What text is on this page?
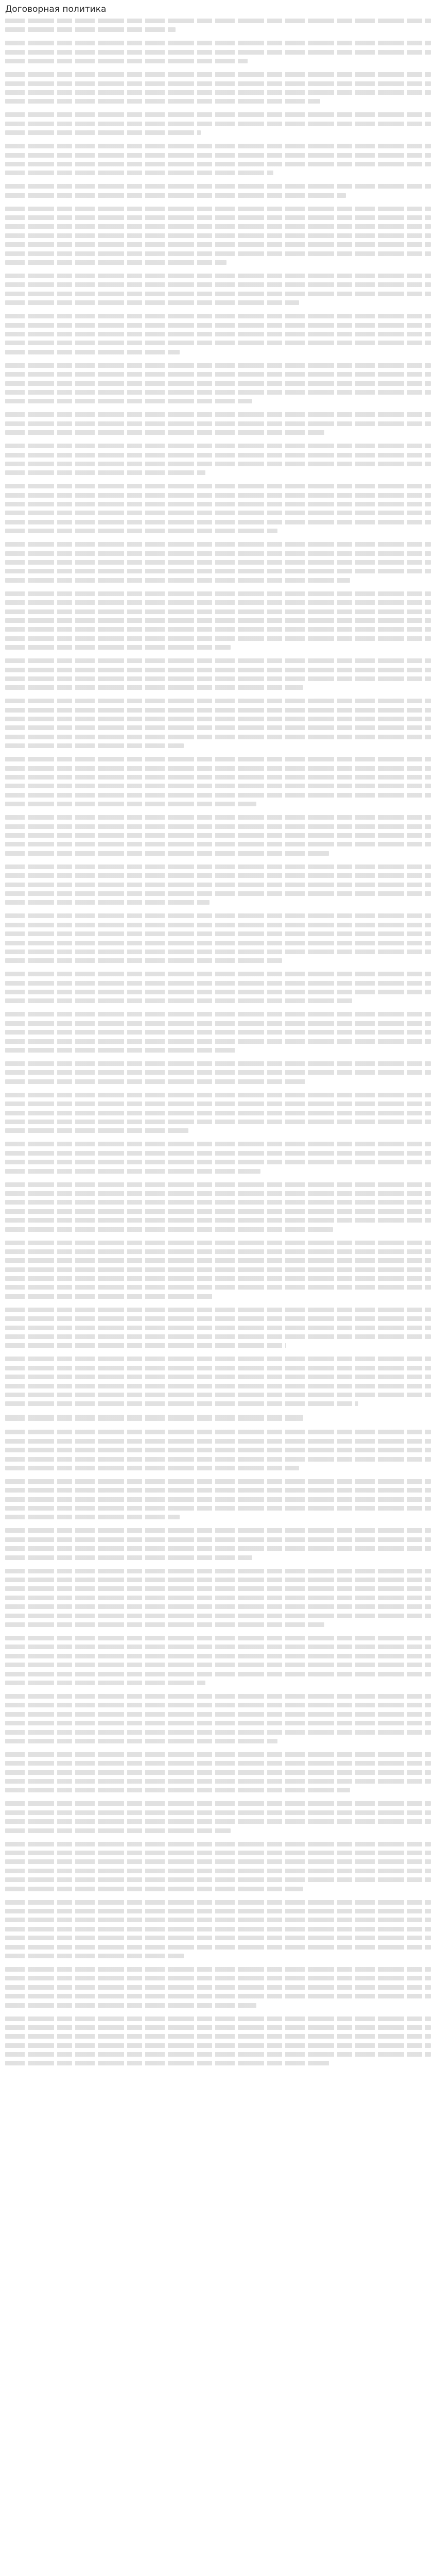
Договорная политика
